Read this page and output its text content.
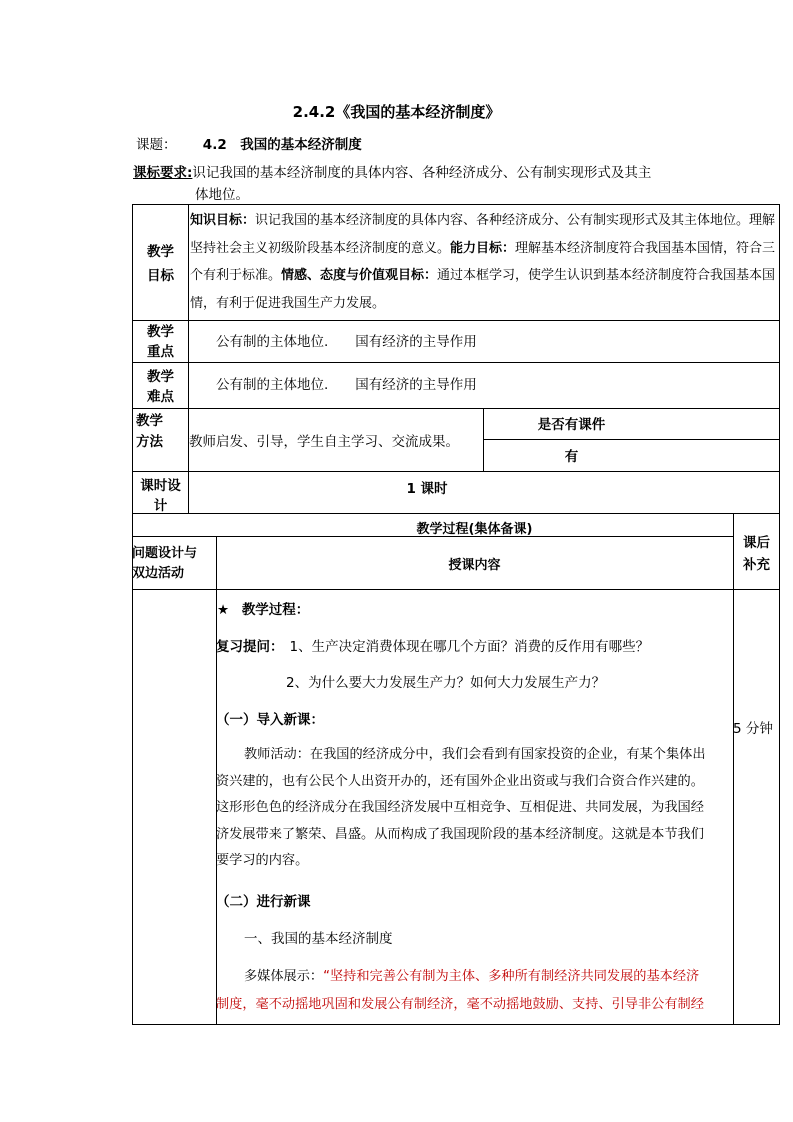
2.4.2《我国的基本经济制度》
课题： 4.2　我国的基本经济制度
课标要求:识记我国的基本经济制度的具体内容、各种经济成分、公有制实现形式及其主
体地位。
教学
目标
知识目标：识记我国的基本经济制度的具体内容、各种经济成分、公有制实现形式及其主体地位。理解坚持社会主义初级阶段基本经济制度的意义。能力目标：理解基本经济制度符合我国基本国情，符合三个有利于标准。情感、态度与价值观目标：通过本框学习，使学生认识到基本经济制度符合我国基本国情，有利于促进我国生产力发展。
教学
重点
公有制的主体地位.　　国有经济的主导作用
教学
难点
公有制的主体地位.　　国有经济的主导作用
教学
方法 教师启发、引导，学生自主学习、交流成果。
是否有课件
有
课时设
计
1 课时
教学过程(集体备课)
问题设计与
双边活动
授课内容
课后
补充
★ 教学过程：
复习提问： 1、生产决定消费体现在哪几个方面？消费的反作用有哪些？
2、为什么要大力发展生产力？如何大力发展生产力？
（一）导入新课：
5 分钟
教师活动：在我国的经济成分中，我们会看到有国家投资的企业，有某个集体出
资兴建的，也有公民个人出资开办的，还有国外企业出资或与我们合资合作兴建的。
这形形色色的经济成分在我国经济发展中互相竞争、互相促进、共同发展，为我国经
济发展带来了繁荣、昌盛。从而构成了我国现阶段的基本经济制度。这就是本节我们
要学习的内容。
（二）进行新课
一、我国的基本经济制度
多媒体展示：“坚持和完善公有制为主体、多种所有制经济共同发展的基本经济
制度，毫不动摇地巩固和发展公有制经济，毫不动摇地鼓励、支持、引导非公有制经
